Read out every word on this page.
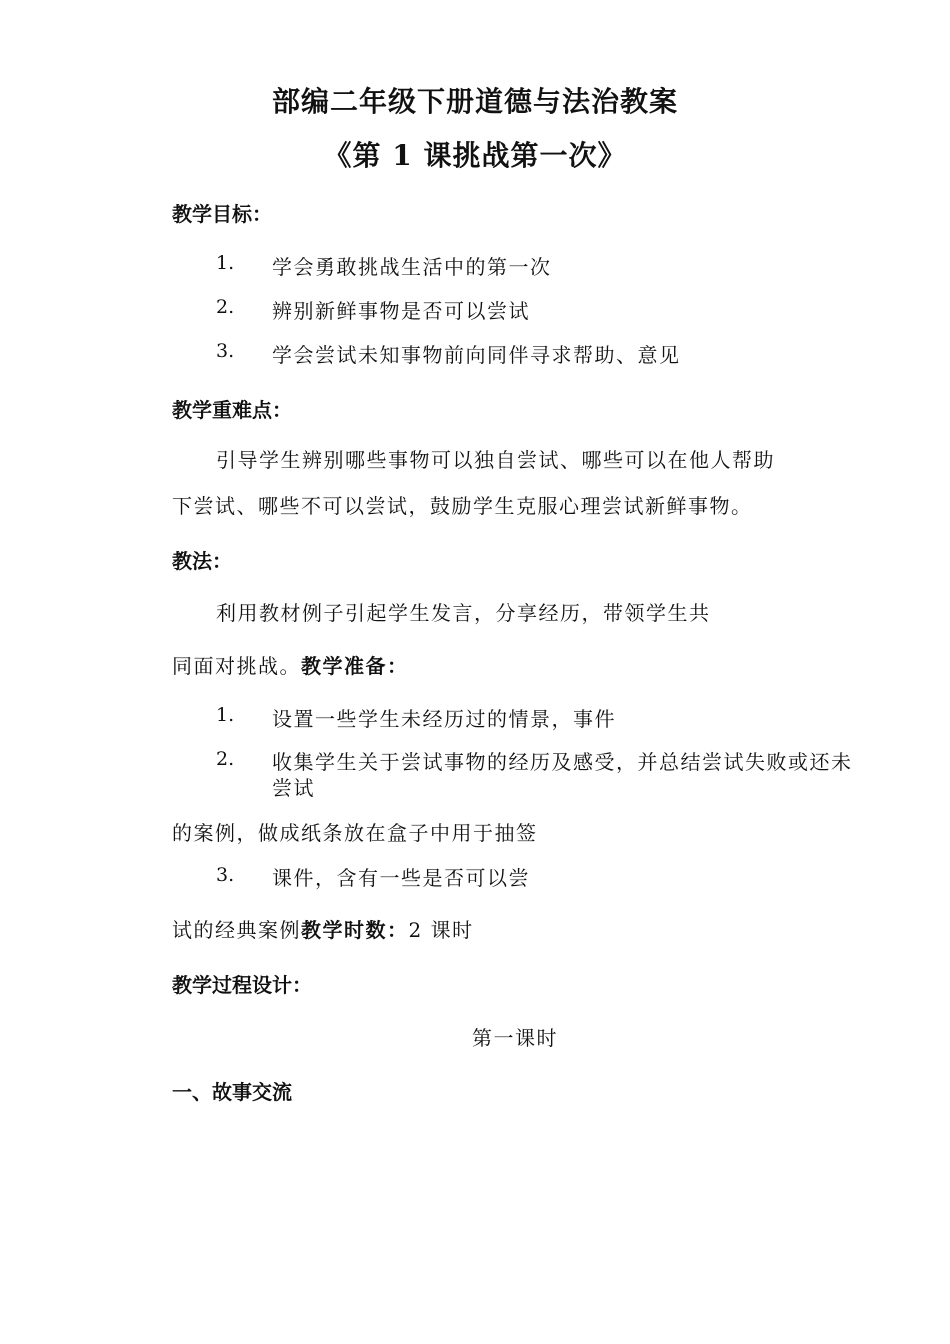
部编二年级下册道德与法治教案
《第 1 课挑战第一次》
教学目标：
1. 学会勇敢挑战生活中的第一次
2. 辨别新鲜事物是否可以尝试
3. 学会尝试未知事物前向同伴寻求帮助、意见
教学重难点：
引导学生辨别哪些事物可以独自尝试、哪些可以在他人帮助
下尝试、哪些不可以尝试，鼓励学生克服心理尝试新鲜事物。
教法：
利用教材例子引起学生发言，分享经历，带领学生共
同面对挑战。教学准备：
1. 设置一些学生未经历过的情景，事件
2. 收集学生关于尝试事物的经历及感受，并总结尝试失败或还未
尝试
的案例，做成纸条放在盒子中用于抽签
3. 课件，含有一些是否可以尝
试的经典案例教学时数：2 课时
教学过程设计：
第一课时
一、故事交流
